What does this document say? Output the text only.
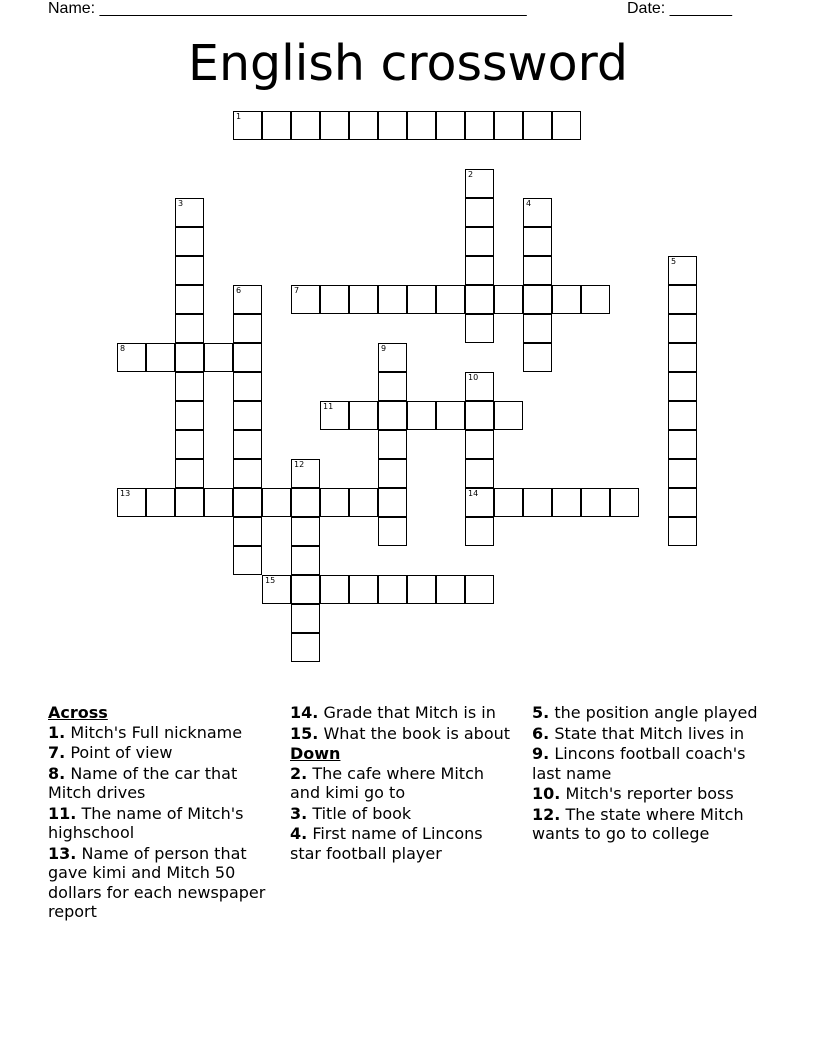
Name: ________________________________________________	Date: _______
English crossword
1
2
3	4
5
6	7
8	9
10
14
11
12
13
15
Across
1. Mitch's Full nickname
7. Point of view
8. Name of the car that Mitch drives
11. The name of Mitch's highschool
13. Name of person that gave kimi and Mitch 50 dollars for each newspaper report
14. Grade that Mitch is in
15. What the book is about
Down
2. The cafe where Mitch and kimi go to
3. Title of book
4. First name of Lincons star football player
5. the position angle played
6. State that Mitch lives in
9. Lincons football coach's last name
10. Mitch's reporter boss
12. The state where Mitch wants to go to college
